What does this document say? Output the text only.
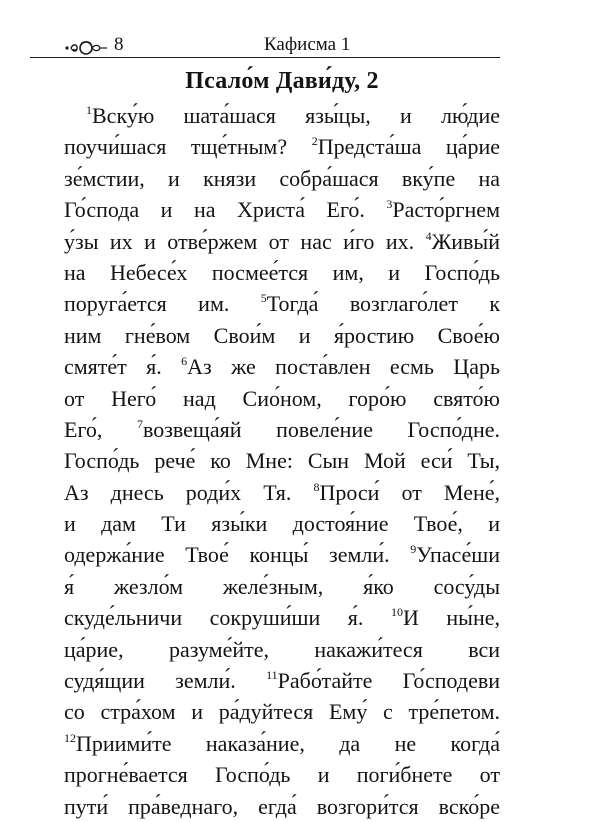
8	Кафисма 1
Псало́м Дави́ду, 2
$^1$Вску́ю шата́шася язы́цы, и лю́дие
поучи́шася тще́тным? $^2$Предста́ша ца́рие
зе́мстии, и князи собра́шася вку́пе на
Го́спода и на Христа́ Его́. $^3$Расто́ргнем
у́зы их и отве́ржем от нас и́го их. $^4$Живы́й
на Небесе́х посмее́тся им, и Госпо́дь
поруга́ется им. $^5$Тогда́ возглаго́лет к
ним гне́вом Свои́м и я́ростию Свое́ю
смяте́т я́. $^6$Аз же поста́влен есмь Царь
от Него́ над Сио́ном, горо́ю свято́ю
Его́, $^7$возвеща́яй повеле́ние Госпо́дне.
Госпо́дь рече́ ко Мне: Сын Мой еси́ Ты,
Аз днесь роди́х Тя. $^8$Проси́ от Мене́,
и дам Ти язы́ки достоя́ние Твое́, и
одержа́ние Твое́ концы́ земли́. $^9$Упасе́ши
я́ жезло́м желе́зным, я́ко сосу́ды
скуде́льничи сокруши́ши я́. $^{10}$И ны́не,
ца́рие, разуме́йте, накажи́теся вси
судя́щии земли́. $^{11}$Рабо́тайте Го́сподеви
со стра́хом и ра́дуйтеся Ему́ с тре́петом.
$^{12}$Приими́те наказа́ние, да не когда́
прогне́вается Госпо́дь и поги́бнете от
пути́ пра́веднаго, егда́ возгори́тся вско́ре
